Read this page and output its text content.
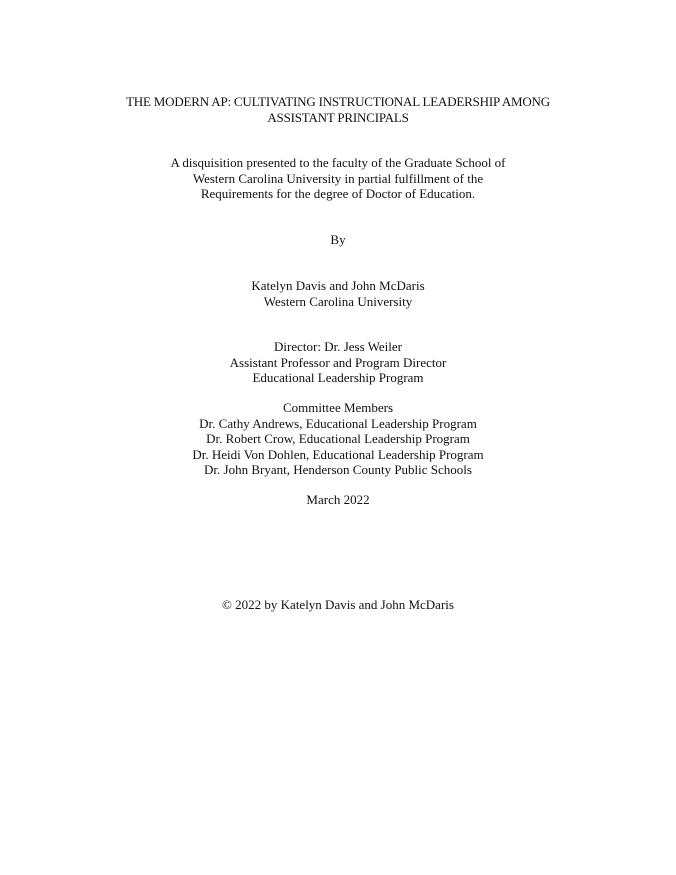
THE MODERN AP: CULTIVATING INSTRUCTIONAL LEADERSHIP AMONG
ASSISTANT PRINCIPALS
A disquisition presented to the faculty of the Graduate School of
Western Carolina University in partial fulfillment of the
Requirements for the degree of Doctor of Education.
By
Katelyn Davis and John McDaris
Western Carolina University
Director: Dr. Jess Weiler
Assistant Professor and Program Director
Educational Leadership Program
Committee Members
Dr. Cathy Andrews, Educational Leadership Program
Dr. Robert Crow, Educational Leadership Program
Dr. Heidi Von Dohlen, Educational Leadership Program
Dr. John Bryant, Henderson County Public Schools
March 2022
© 2022 by Katelyn Davis and John McDaris
